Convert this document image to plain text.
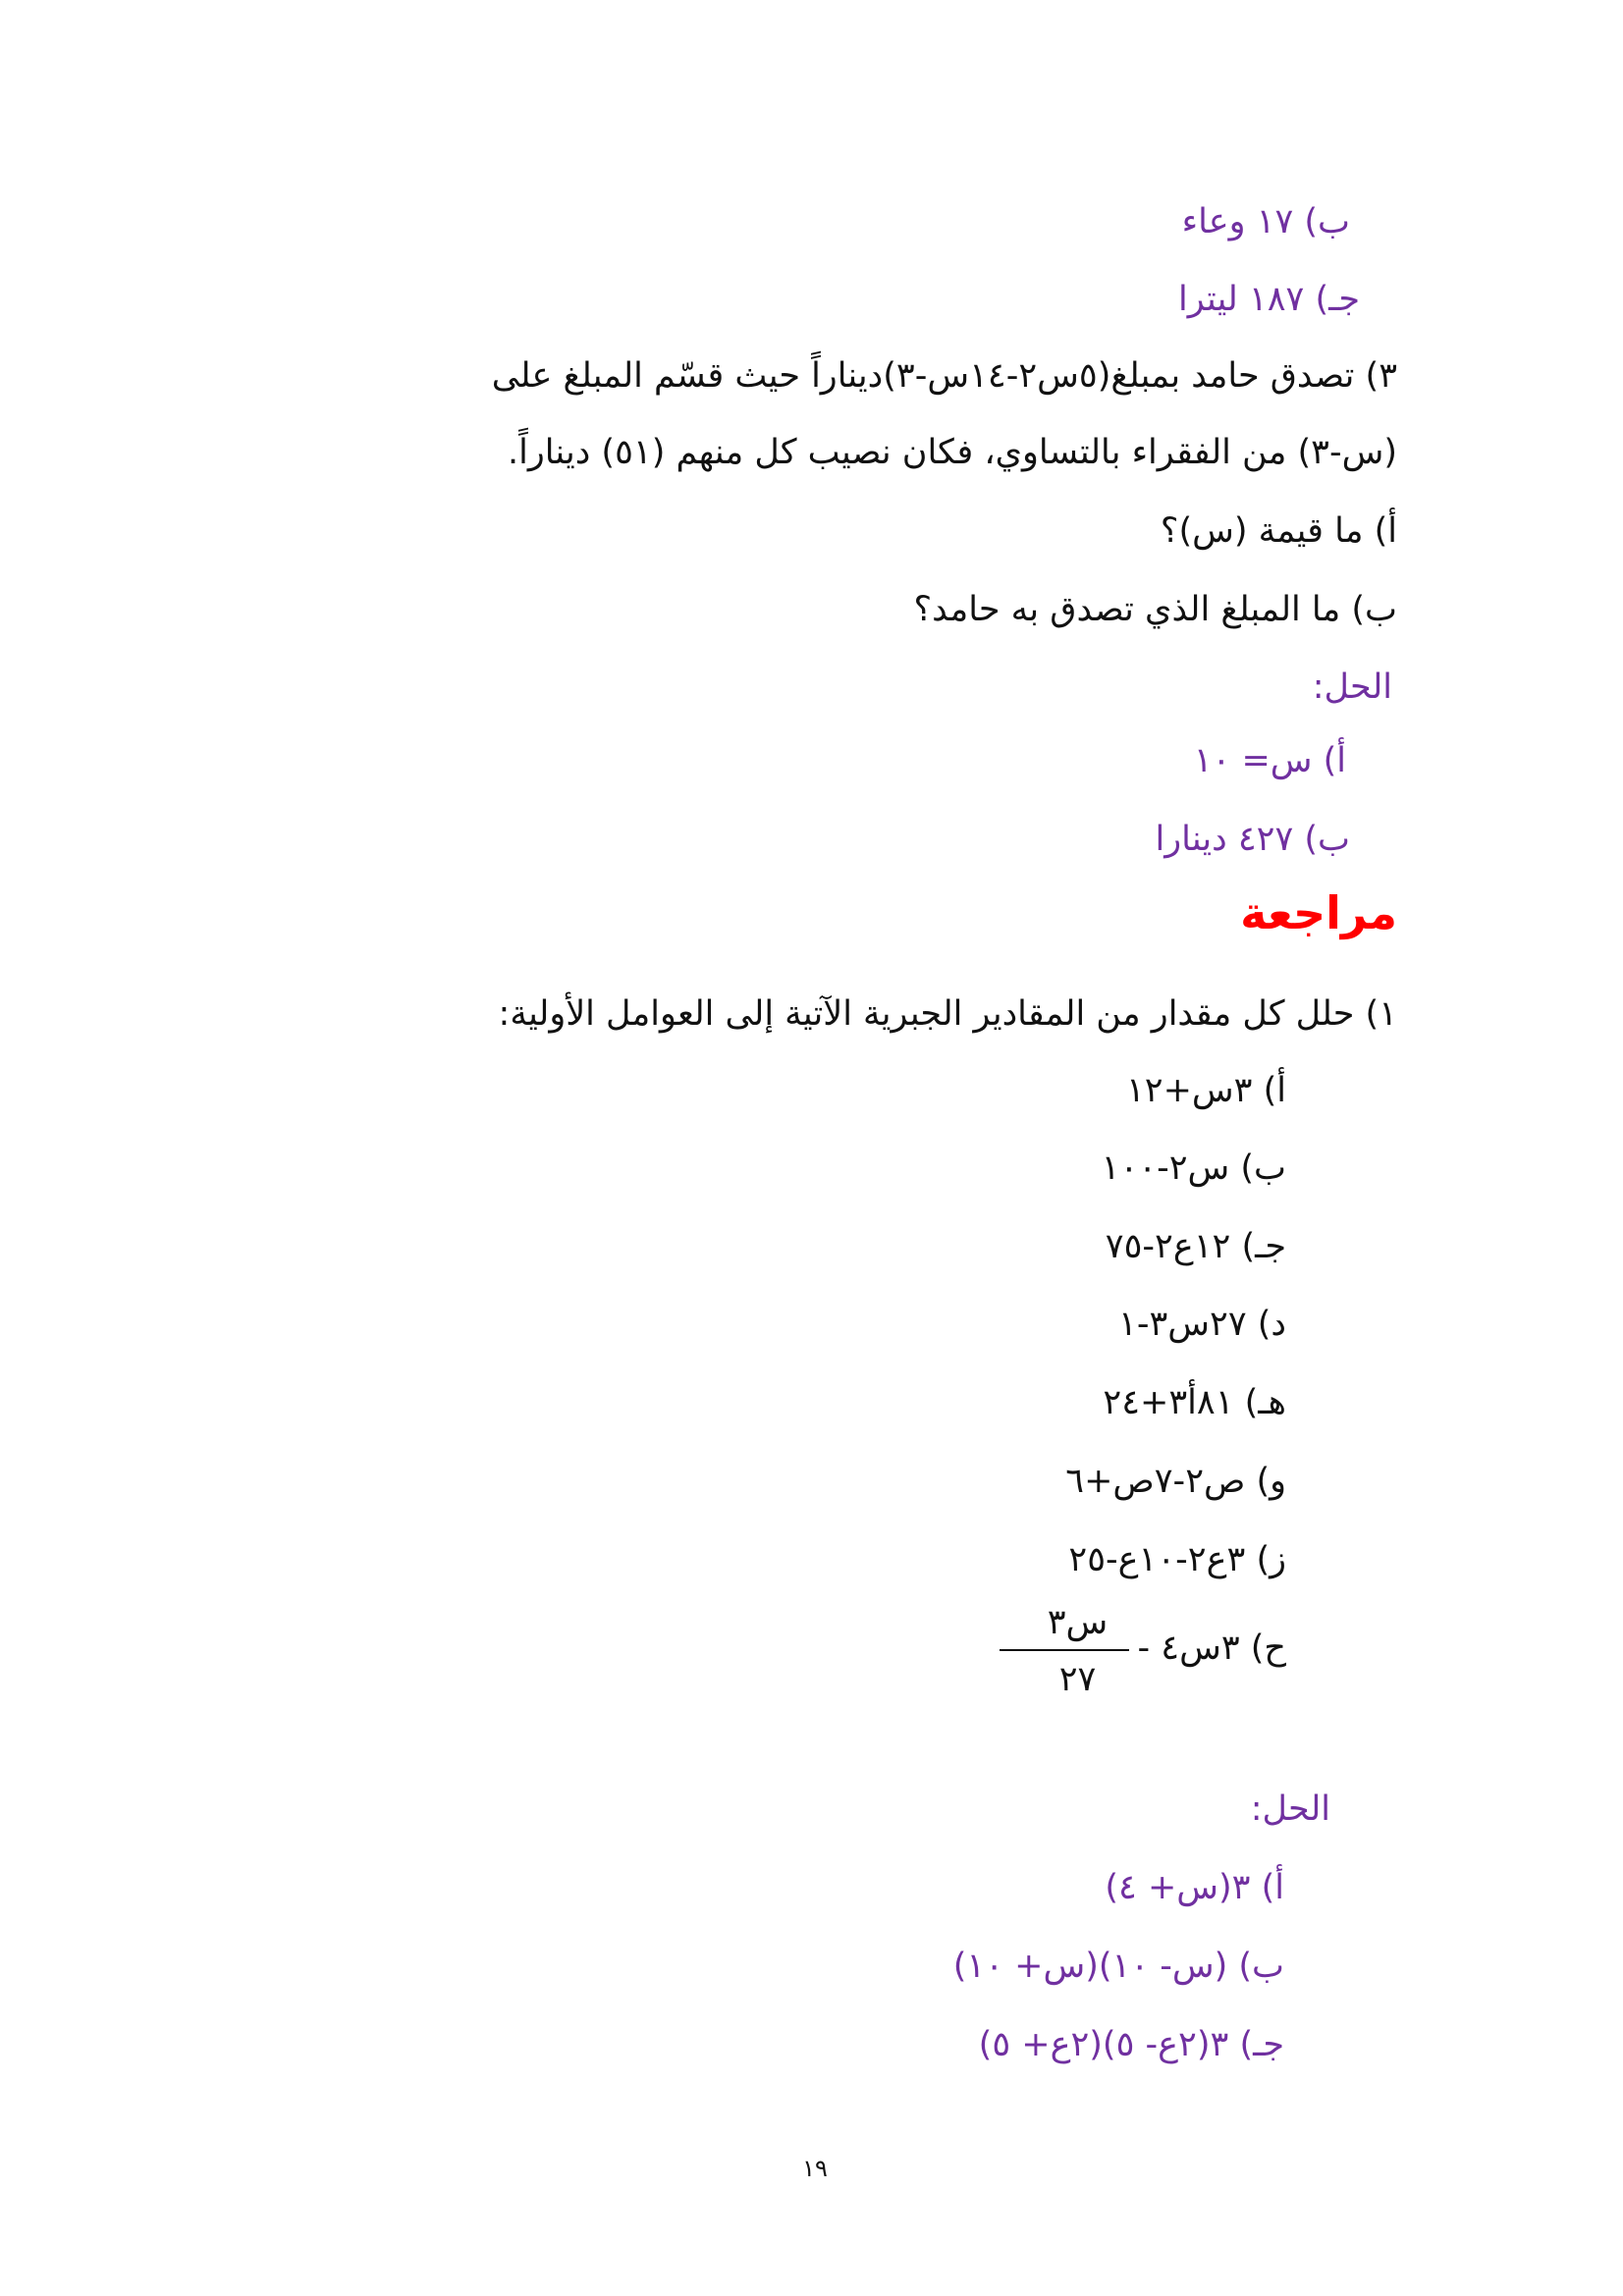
ب) ١٧ وعاء
جـ) ١٨٧ ليترا
٣) تصدق حامد بمبلغ(٥س٢-١٤س-٣)ديناراً حيث قسّم المبلغ على
(س-٣) من الفقراء بالتساوي، فكان نصيب كل منهم (٥١) ديناراً.
أ) ما قيمة (س)؟
ب) ما المبلغ الذي تصدق به حامد؟
الحل:
أ) س= ١٠
ب) ٤٢٧ دينارا
مراجعة
١) حلل كل مقدار من المقادير الجبرية الآتية إلى العوامل الأولية:
أ) ٣س+١٢
ب) س٢-١٠٠
جـ) ١٢ع٢-٧٥
د) ٢٧س٣-١
هـ) ٨١أ٣+٢٤
و) ص٢-٧ص+٦
ز) ٣ع٢-١٠ع-٢٥
ح) ٣س٤ -
س٣
٢٧
الحل:
أ) ٣(س+ ٤)
ب) (س- ١٠)(س+ ١٠)
جـ) ٣(٢ع- ٥)(٢ع+ ٥)
١٩
